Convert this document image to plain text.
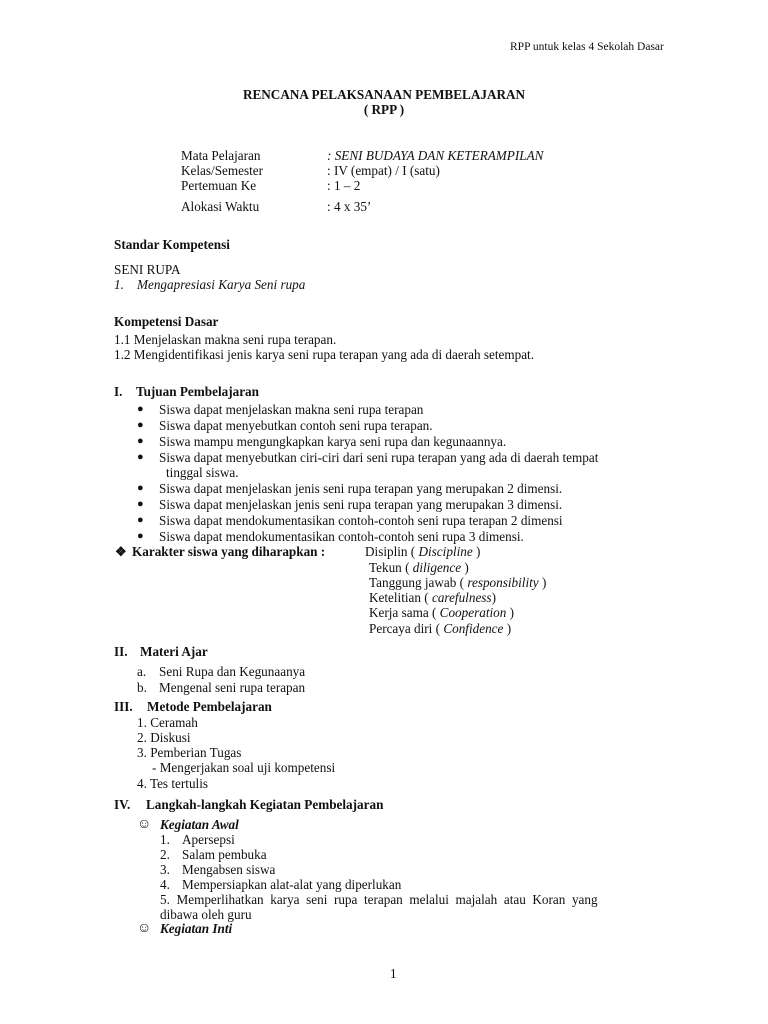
RPP untuk kelas 4 Sekolah Dasar
RENCANA PELAKSANAAN PEMBELAJARAN
( RPP )
Mata Pelajaran	: SENI BUDAYA DAN KETERAMPILAN
Kelas/Semester	: IV (empat) / I (satu)
Pertemuan Ke	: 1 – 2
Alokasi Waktu	: 4 x 35’
Standar Kompetensi
SENI RUPA
1. Mengapresiasi Karya Seni rupa
Kompetensi Dasar
1.1 Menjelaskan makna seni rupa terapan.
1.2 Mengidentifikasi jenis karya seni rupa terapan yang ada di daerah setempat.
I. Tujuan Pembelajaran
● Siswa dapat menjelaskan makna seni rupa terapan
● Siswa dapat menyebutkan contoh seni rupa terapan.
● Siswa mampu mengungkapkan karya seni rupa dan kegunaannya.
● Siswa dapat menyebutkan ciri-ciri dari seni rupa terapan yang ada di daerah tempat
tinggal siswa.
● Siswa dapat menjelaskan jenis seni rupa terapan yang merupakan 2 dimensi.
● Siswa dapat menjelaskan jenis seni rupa terapan yang merupakan 3 dimensi.
● Siswa dapat mendokumentasikan contoh-contoh seni rupa terapan 2 dimensi
● Siswa dapat mendokumentasikan contoh-contoh seni rupa 3 dimensi.
❖ Karakter siswa yang diharapkan :	Disiplin ( Discipline )
Tekun ( diligence )
Tanggung jawab ( responsibility )
Ketelitian ( carefulness)
Kerja sama ( Cooperation )
Percaya diri ( Confidence )
II. Materi Ajar
a. Seni Rupa dan Kegunaanya
b. Mengenal seni rupa terapan
III. Metode Pembelajaran
1. Ceramah
2. Diskusi
3. Pemberian Tugas
- Mengerjakan soal uji kompetensi
4. Tes tertulis
IV. Langkah-langkah Kegiatan Pembelajaran
☺ Kegiatan Awal
1. Apersepsi
2. Salam pembuka
3. Mengabsen siswa
4. Mempersiapkan alat-alat yang diperlukan
5.  Memperlihatkan  karya  seni  rupa  terapan  melalui  majalah  atau  Koran  yang
dibawa oleh guru
☺ Kegiatan Inti
1
